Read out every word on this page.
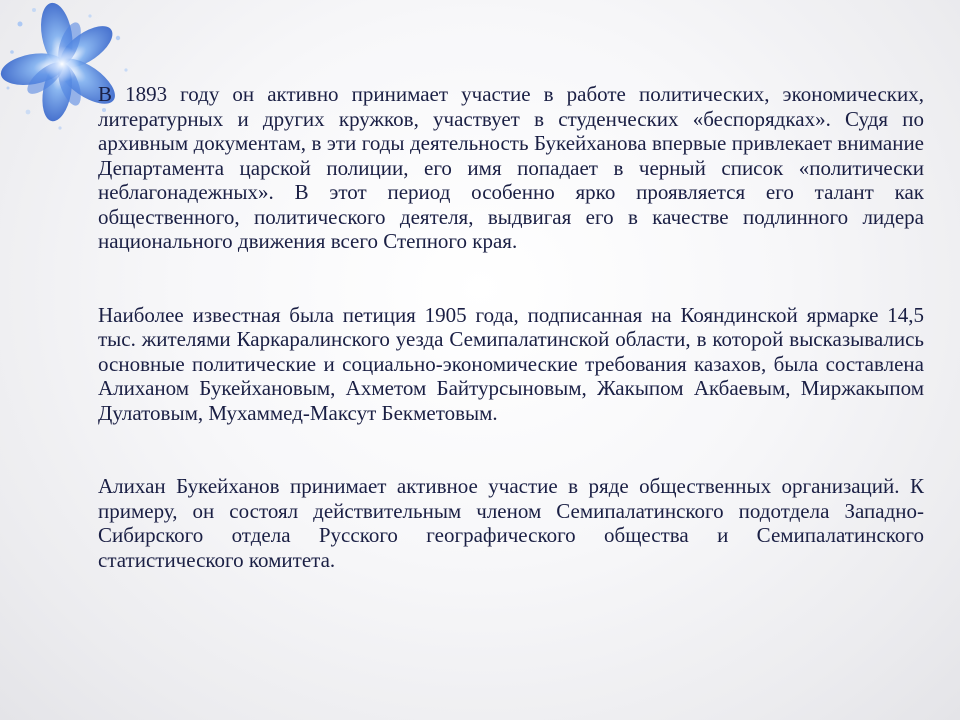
В 1893 году он активно принимает участие в работе политических, экономических, литературных и других кружков, участвует в студенческих «беспорядках». Судя по архивным документам, в эти годы деятельность Букейханова впервые привлекает внимание Департамента царской полиции, его имя попадает в черный список «политически неблагонадежных». В этот период особенно ярко проявляется его талант как общественного, политического деятеля, выдвигая его в качестве подлинного лидера национального движения всего Степного края.

Наиболее известная была петиция 1905 года, подписанная на Кояндинской ярмарке 14,5 тыс. жителями Каркаралинского уезда Семипалатинской области, в которой высказывались основные политические и социально-экономические требования казахов, была составлена Алиханом Букейхановым, Ахметом Байтурсыновым, Жакыпом Акбаевым, Миржакыпом Дулатовым, Мухаммед-Максут Бекметовым.

Алихан Букейханов принимает активное участие в ряде общественных организаций. К примеру, он состоял действительным членом Семипалатинского подотдела Западно-Сибирского отдела Русского географического общества и Семипалатинского статистического комитета.
